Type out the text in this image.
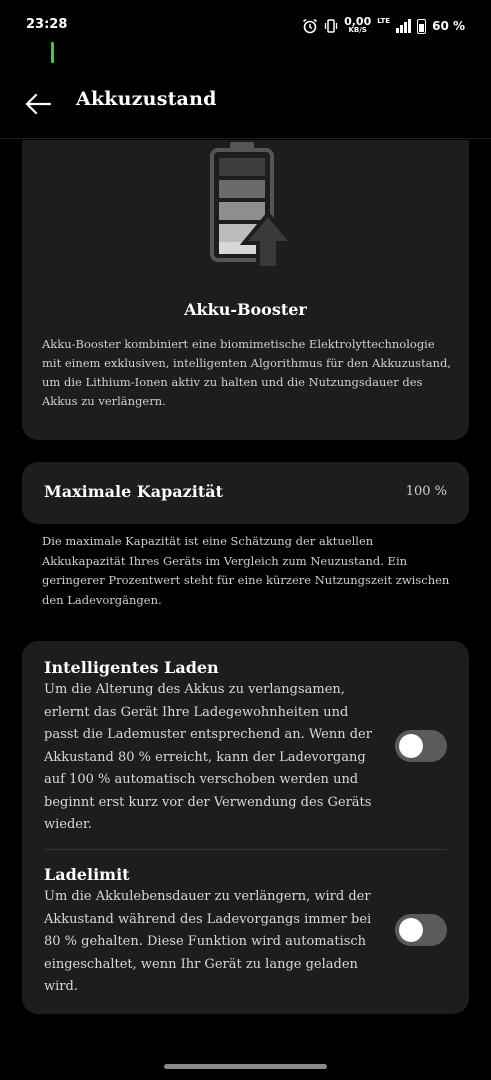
23:28	0,00
KB/S
LTE	60 %
Akkuzustand
Akku-Booster
Akku-Booster kombiniert eine biomimetische Elektrolyttechnologie mit einem exklusiven, intelligenten Algorithmus für den Akkuzustand, um die Lithium-Ionen aktiv zu halten und die Nutzungsdauer des Akkus zu verlängern.
Maximale Kapazität	100 %
Die maximale Kapazität ist eine Schätzung der aktuellen Akkukapazität Ihres Geräts im Vergleich zum Neuzustand. Ein geringerer Prozentwert steht für eine kürzere Nutzungszeit zwischen den Ladevorgängen.
Intelligentes Laden
Um die Alterung des Akkus zu verlangsamen, erlernt das Gerät Ihre Ladegewohnheiten und passt die Lademuster entsprechend an. Wenn der Akkustand 80 % erreicht, kann der Ladevorgang auf 100 % automatisch verschoben werden und beginnt erst kurz vor der Verwendung des Geräts wieder.
Ladelimit
Um die Akkulebensdauer zu verlängern, wird der Akkustand während des Ladevorgangs immer bei 80 % gehalten. Diese Funktion wird automatisch eingeschaltet, wenn Ihr Gerät zu lange geladen wird.
